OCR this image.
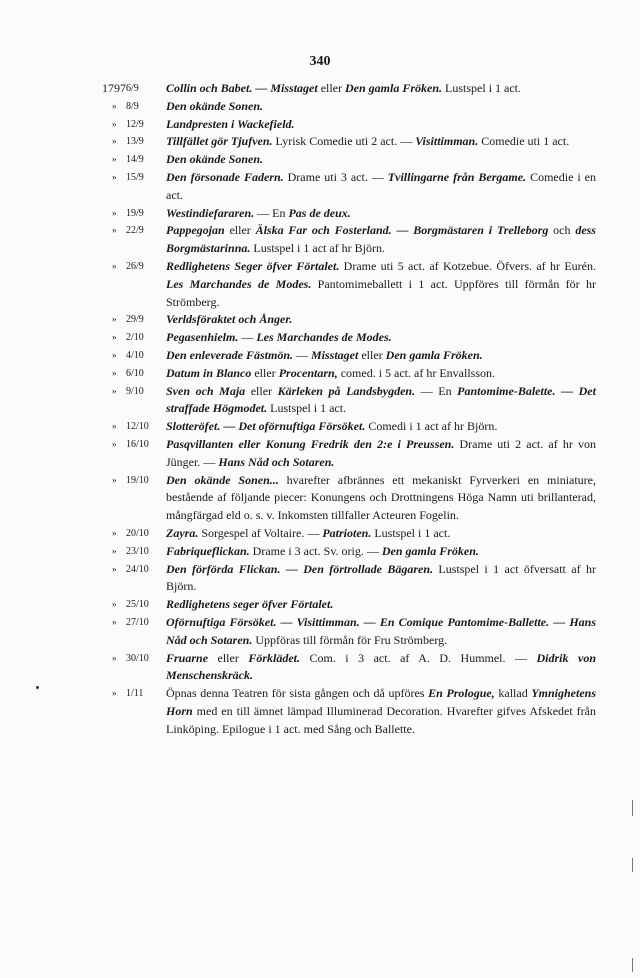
340
1797 6/9	Collin och Babet. — Misstaget eller Den gamla Fröken. Lustspel i 1 act.
» 8/9	Den okände Sonen.
» 12/9	Landpresten i Wackefield.
» 13/9	Tillfället gör Tjufven. Lyrisk Comedie uti 2 act. — Visittimman. Comedie uti 1 act.
» 14/9	Den okände Sonen.
» 15/9	Den försonade Fadern. Drame uti 3 act. — Tvillingarne från Bergame. Comedie i en act.
» 19/9	Westindiefararen. — En Pas de deux.
» 22/9	Pappegojan eller Älska Far och Fosterland. — Borgmästaren i Trelleborg och dess Borgmästarinna. Lustspel i 1 act af hr Björn.
» 26/9	Redlighetens Seger öfver Förtalet. Drame uti 5 act. af Kotzebue. Öfvers. af hr Eurén. Les Marchandes de Modes. Pantomimeballett i 1 act. Uppföres till förmån för hr Strömberg.
» 29/9	Verldsföraktet och Ånger.
» 2/10	Pegasenhielm. — Les Marchandes de Modes.
» 4/10	Den enleverade Fästmön. — Misstaget eller Den gamla Fröken.
» 6/10	Datum in Blanco eller Procentarn, comed. i 5 act. af hr Envallsson.
» 9/10	Sven och Maja eller Kärleken på Landsbygden. — En Pantomime-Balette. — Det straffade Högmodet. Lustspel i 1 act.
» 12/10	Slotteröfet. — Det oförnuftiga Försöket. Comedi i 1 act af hr Björn.
» 16/10	Pasqvillanten eller Konung Fredrik den 2:e i Preussen. Drame uti 2 act. af hr von Jünger. — Hans Nåd och Sotaren.
» 19/10	Den okände Sonen... hvarefter afbrännes ett mekaniskt Fyrverkeri en miniature, bestående af följande piecer: Konungens och Drottningens Höga Namn uti brillanterad, mångfärgad eld o. s. v. Inkomsten tillfaller Acteuren Fogelin.
» 20/10	Zayra. Sorgespel af Voltaire. — Patrioten. Lustspel i 1 act.
» 23/10	Fabriqueflickan. Drame i 3 act. Sv. orig. — Den gamla Fröken.
» 24/10	Den förförda Flickan. — Den förtrollade Bägaren. Lustspel i 1 act öfversatt af hr Björn.
» 25/10	Redlighetens seger öfver Förtalet.
» 27/10	Oförnuftiga Försöket. — Visittimman. — En Comique Pantomime-Ballette. — Hans Nåd och Sotaren. Uppföras till förmån för Fru Strömberg.
» 30/10	Fruarne eller Förklädet. Com. i 3 act. af A. D. Hummel. — Didrik von Menschenskräck.
» 1/11	Öpnas denna Teatren för sista gången och då upföres En Prologue, kallad Ymnighetens Horn med en till ämnet lämpad Illuminerad Decoration. Hvarefter gifves Afskedet från Linköping. Epilogue i 1 act. med Sång och Ballette.
